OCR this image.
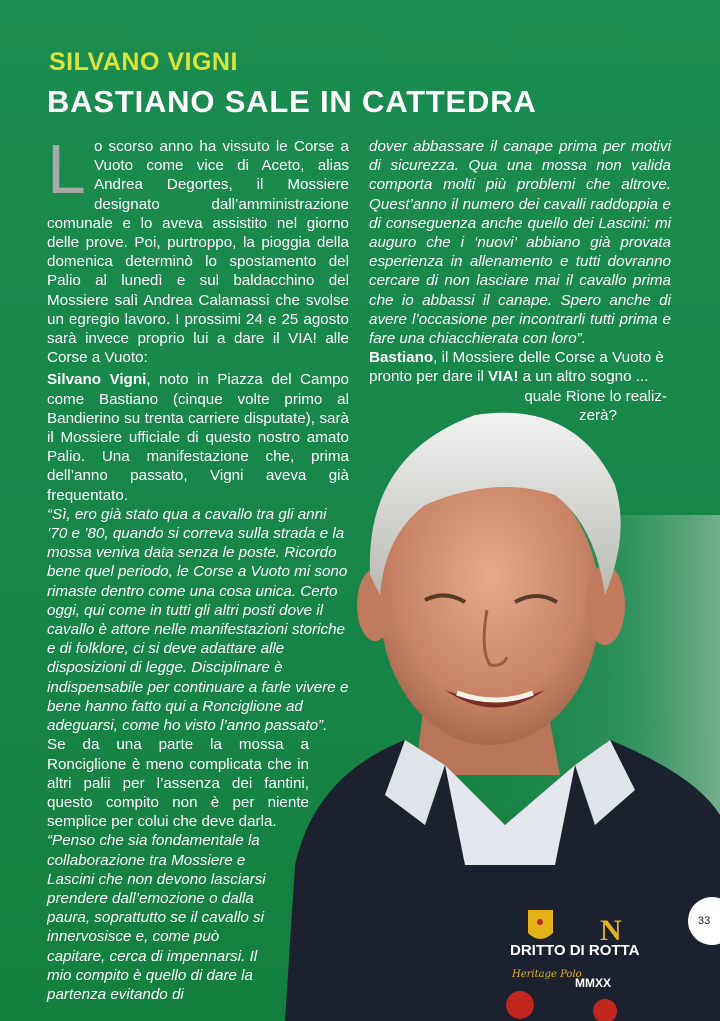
SILVANO VIGNI
BASTIANO SALE IN CATTEDRA

Lo scorso anno ha vissuto le Corse a Vuoto come vice di Aceto, alias Andrea Degortes, il Mossiere designato dall’amministrazione comunale e lo aveva assistito nel giorno delle prove. Poi, purtroppo, la pioggia della domenica determinò lo spostamento del Palio al lunedì e sul baldacchino del Mossiere salì Andrea Calamassi che svolse un egregio lavoro. I prossimi 24 e 25 agosto sarà invece proprio lui a dare il VIA! alle Corse a Vuoto:

Silvano Vigni, noto in Piazza del Campo come Bastiano (cinque volte primo al Bandierino su trenta carriere disputate), sarà il Mossiere ufficiale di questo nostro amato Palio. Una manifestazione che, prima dell’anno passato, Vigni aveva già frequentato.

“Sì, ero già stato qua a cavallo tra gli anni ’70 e ’80, quando si correva sulla strada e la mossa veniva data senza le poste. Ricordo bene quel periodo, le Corse a Vuoto mi sono rimaste dentro come una cosa unica. Certo oggi, qui come in tutti gli altri posti dove il cavallo è attore nelle manifestazioni storiche e di folklore, ci si deve adattare alle disposizioni di legge. Disciplinare è indispensabile per continuare a farle vivere e bene hanno fatto qui a Ronciglione ad adeguarsi, come ho visto l’anno passato”.

Se da una parte la mossa a Ronciglione è meno complicata che in altri palii per l’assenza dei fantini, questo compito non è per niente semplice per colui che deve darla.

“Penso che sia fondamentale la collaborazione tra Mossiere e Lascini che non devono lasciarsi prendere dall’emozione o dalla paura, soprattutto se il cavallo si innervosisce e, come può capitare, cerca di impennarsi. Il mio compito è quello di dare la partenza evitando di

dover abbassare il canape prima per motivi di sicurezza. Qua una mossa non valida comporta molti più problemi che altrove. Quest’anno il numero dei cavalli raddoppia e di conseguenza anche quello dei Lascini: mi auguro che i ‘nuovi’ abbiano già provata esperienza in allenamento e tutti dovranno cercare di non lasciare mai il cavallo prima che io abbassi il canape. Spero anche di avere l’occasione per incontrarli tutti prima e fare una chiacchierata con loro”.

Bastiano, il Mossiere delle Corse a Vuoto è pronto per dare il VIA! a un altro sogno ...

quale Rione lo realiz-
zerà?
N
DRITTO DI ROTTA
Heritage Polo
MMXX
33
